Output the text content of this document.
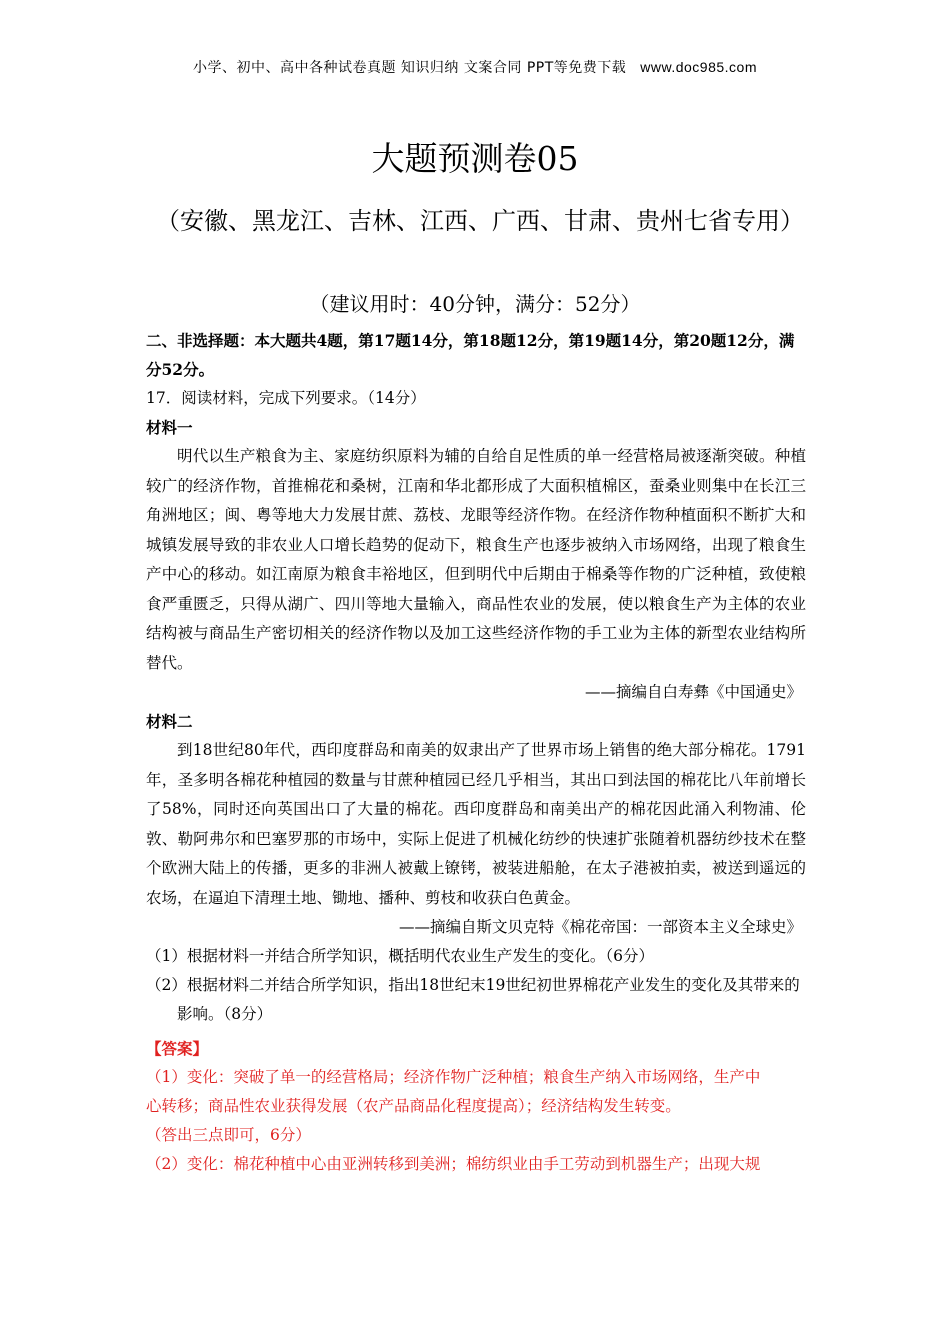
小学、初中、高中各种试卷真题 知识归纳 文案合同 PPT等免费下载 www.doc985.com
大题预测卷05
（安徽、黑龙江、吉林、江西、广西、甘肃、贵州七省专用）
（建议用时：40分钟，满分：52分）
二、非选择题：本大题共4题，第17题14分，第18题12分，第19题14分，第20题12分，满分52分。
17．阅读材料，完成下列要求。（14分）
材料一
明代以生产粮食为主、家庭纺织原料为辅的自给自足性质的单一经营格局被逐渐突破。种植较广的经济作物，首推棉花和桑树，江南和华北都形成了大面积植棉区，蚕桑业则集中在长江三角洲地区；闽、粤等地大力发展甘蔗、荔枝、龙眼等经济作物。在经济作物种植面积不断扩大和城镇发展导致的非农业人口增长趋势的促动下，粮食生产也逐步被纳入市场网络，出现了粮食生产中心的移动。如江南原为粮食丰裕地区，但到明代中后期由于棉桑等作物的广泛种植，致使粮食严重匮乏，只得从湖广、四川等地大量输入，商品性农业的发展，使以粮食生产为主体的农业结构被与商品生产密切相关的经济作物以及加工这些经济作物的手工业为主体的新型农业结构所替代。
——摘编自白寿彝《中国通史》
材料二
到18世纪80年代，西印度群岛和南美的奴隶出产了世界市场上销售的绝大部分棉花。1791年，圣多明各棉花种植园的数量与甘蔗种植园已经几乎相当，其出口到法国的棉花比八年前增长了58%，同时还向英国出口了大量的棉花。西印度群岛和南美出产的棉花因此涌入利物浦、伦敦、勒阿弗尔和巴塞罗那的市场中，实际上促进了机械化纺纱的快速扩张随着机器纺纱技术在整个欧洲大陆上的传播，更多的非洲人被戴上镣铐，被装进船舱，在太子港被拍卖，被送到遥远的农场，在逼迫下清理土地、锄地、播种、剪枝和收获白色黄金。
——摘编自斯文贝克特《棉花帝国：一部资本主义全球史》
（1）根据材料一并结合所学知识，概括明代农业生产发生的变化。（6分）
（2）根据材料二并结合所学知识，指出18世纪末19世纪初世界棉花产业发生的变化及其带来的影响。（8分）
【答案】
（1）变化：突破了单一的经营格局；经济作物广泛种植；粮食生产纳入市场网络，生产中

心转移；商品性农业获得发展（农产品商品化程度提高）；经济结构发生转变。
（答出三点即可，6分）
（2）变化：棉花种植中心由亚洲转移到美洲；棉纺织业由手工劳动到机器生产；出现大规
